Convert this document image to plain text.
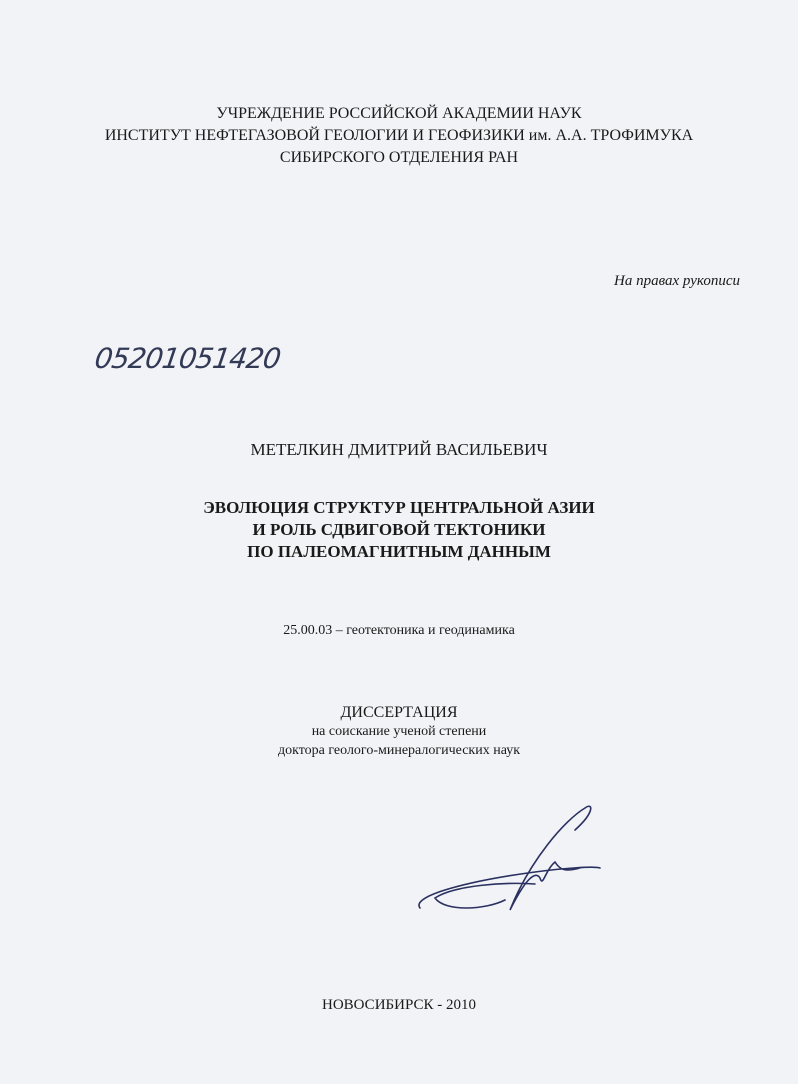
УЧРЕЖДЕНИЕ РОССИЙСКОЙ АКАДЕМИИ НАУК
ИНСТИТУТ НЕФТЕГАЗОВОЙ ГЕОЛОГИИ И ГЕОФИЗИКИ им. А.А. ТРОФИМУКА
СИБИРСКОГО ОТДЕЛЕНИЯ РАН
На правах рукописи
05201051420
МЕТЕЛКИН ДМИТРИЙ ВАСИЛЬЕВИЧ
ЭВОЛЮЦИЯ СТРУКТУР ЦЕНТРАЛЬНОЙ АЗИИ
И РОЛЬ СДВИГОВОЙ ТЕКТОНИКИ
ПО ПАЛЕОМАГНИТНЫМ ДАННЫМ
25.00.03 – геотектоника и геодинамика
ДИССЕРТАЦИЯ
на соискание ученой степени
доктора геолого-минералогических наук
НОВОСИБИРСК - 2010
